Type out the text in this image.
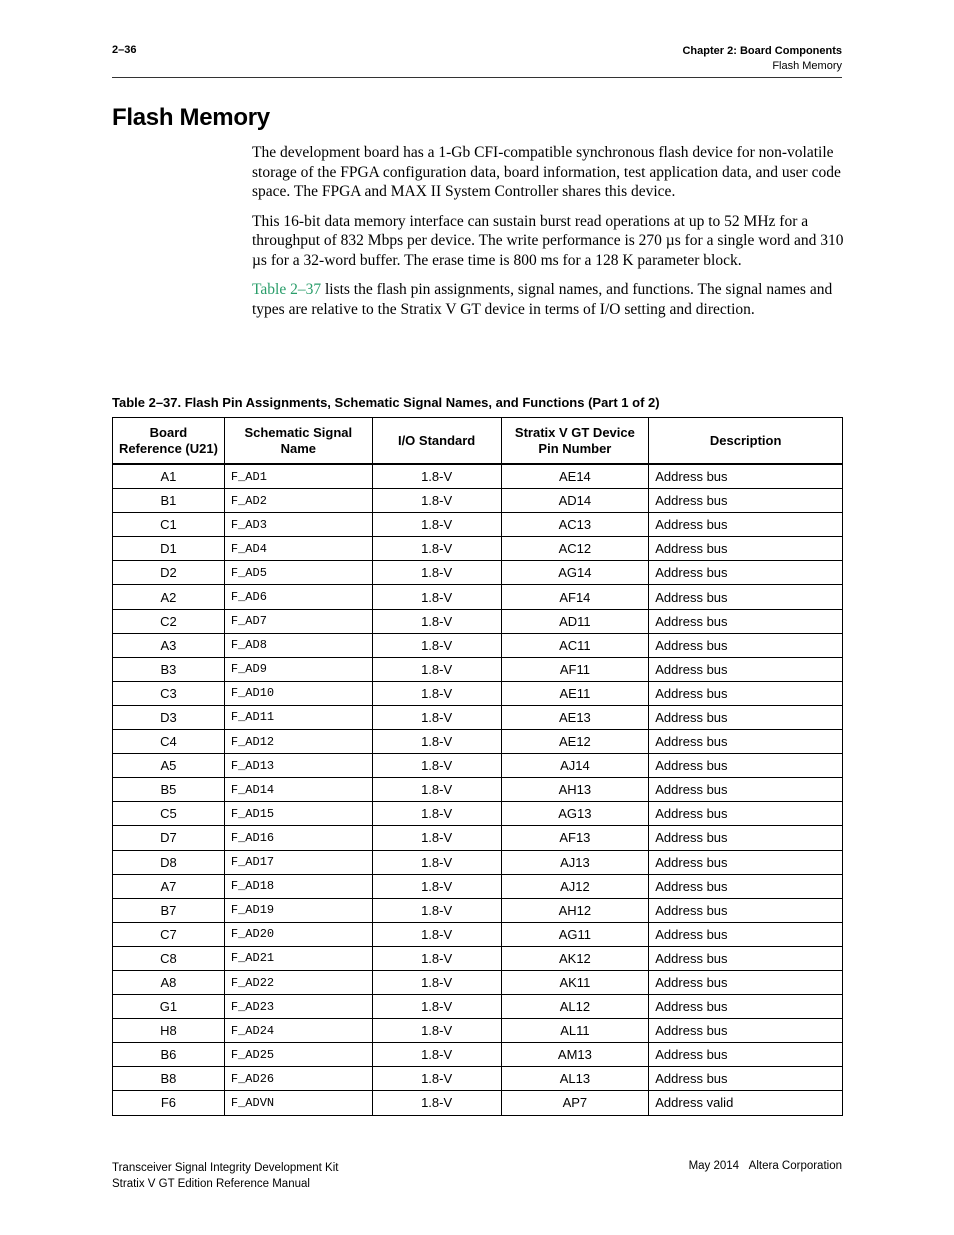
2–36	Chapter 2: Board Components
Flash Memory
Flash Memory

The development board has a 1-Gb CFI-compatible synchronous flash device for non-volatile storage of the FPGA configuration data, board information, test application data, and user code space. The FPGA and MAX II System Controller shares this device.

This 16-bit data memory interface can sustain burst read operations at up to 52 MHz for a throughput of 832 Mbps per device. The write performance is 270 µs for a single word and 310 µs for a 32-word buffer. The erase time is 800 ms for a 128 K parameter block.

Table 2–37 lists the flash pin assignments, signal names, and functions. The signal names and types are relative to the Stratix V GT device in terms of I/O setting and direction.

Table 2–37. Flash Pin Assignments, Schematic Signal Names, and Functions (Part 1 of 2)
Board Reference (U21)	Schematic Signal Name	I/O Standard	Stratix V GT Device Pin Number	Description
A1	F_AD1	1.8-V	AE14	Address bus
B1	F_AD2	1.8-V	AD14	Address bus
C1	F_AD3	1.8-V	AC13	Address bus
D1	F_AD4	1.8-V	AC12	Address bus
D2	F_AD5	1.8-V	AG14	Address bus
A2	F_AD6	1.8-V	AF14	Address bus
C2	F_AD7	1.8-V	AD11	Address bus
A3	F_AD8	1.8-V	AC11	Address bus
B3	F_AD9	1.8-V	AF11	Address bus
C3	F_AD10	1.8-V	AE11	Address bus
D3	F_AD11	1.8-V	AE13	Address bus
C4	F_AD12	1.8-V	AE12	Address bus
A5	F_AD13	1.8-V	AJ14	Address bus
B5	F_AD14	1.8-V	AH13	Address bus
C5	F_AD15	1.8-V	AG13	Address bus
D7	F_AD16	1.8-V	AF13	Address bus
D8	F_AD17	1.8-V	AJ13	Address bus
A7	F_AD18	1.8-V	AJ12	Address bus
B7	F_AD19	1.8-V	AH12	Address bus
C7	F_AD20	1.8-V	AG11	Address bus
C8	F_AD21	1.8-V	AK12	Address bus
A8	F_AD22	1.8-V	AK11	Address bus
G1	F_AD23	1.8-V	AL12	Address bus
H8	F_AD24	1.8-V	AL11	Address bus
B6	F_AD25	1.8-V	AM13	Address bus
B8	F_AD26	1.8-V	AL13	Address bus
F6	F_ADVN	1.8-V	AP7	Address valid
Transceiver Signal Integrity Development Kit
Stratix V GT Edition Reference Manual
May 2014 Altera Corporation
